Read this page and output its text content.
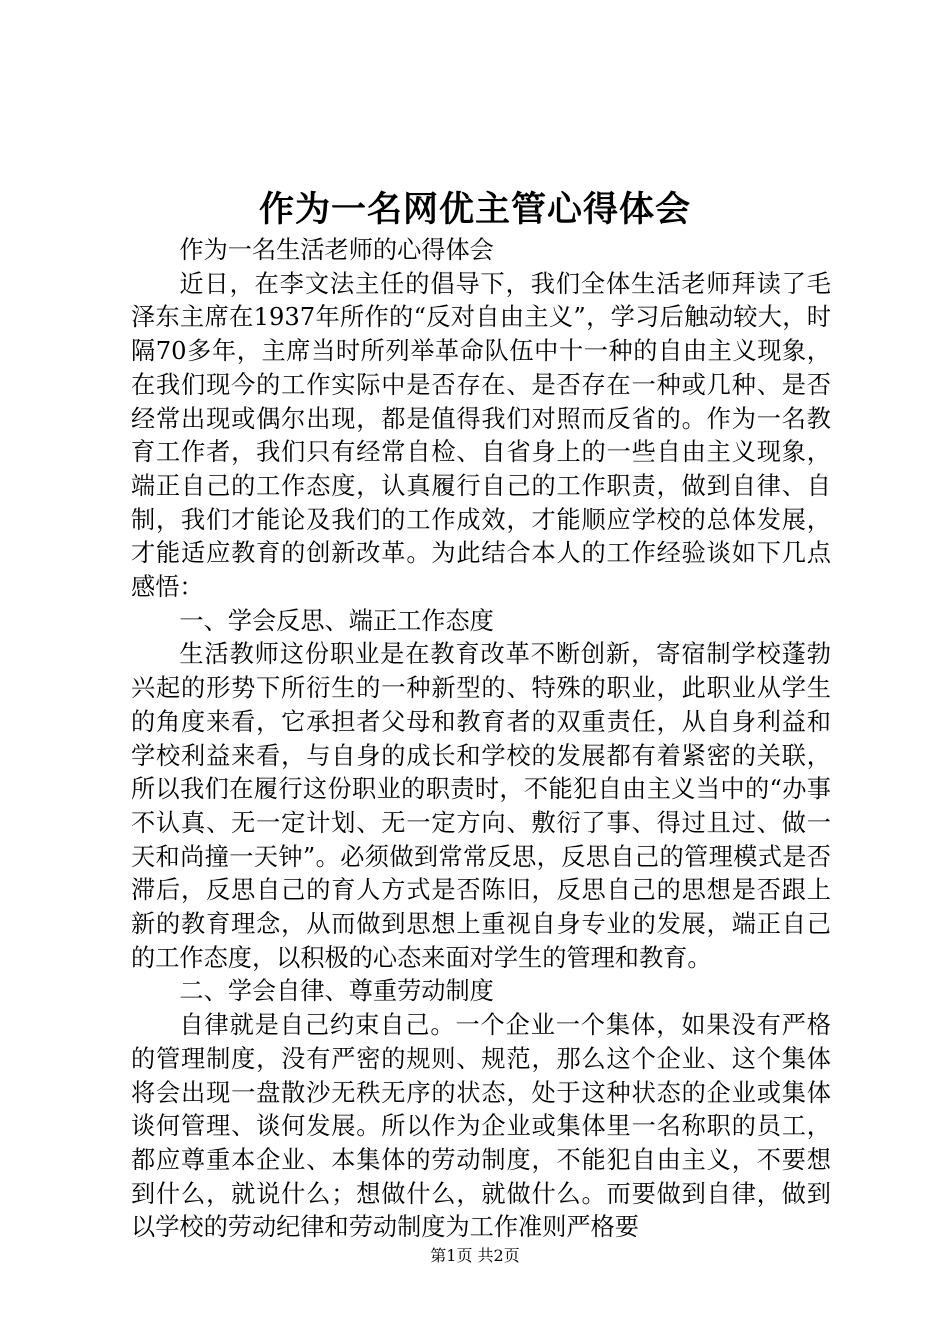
作为一名网优主管心得体会

作为一名生活老师的心得体会

近日，在李文法主任的倡导下，我们全体生活老师拜读了毛泽东主席在1937年所作的“反对自由主义”，学习后触动较大，时隔70多年，主席当时所列举革命队伍中十一种的自由主义现象，在我们现今的工作实际中是否存在、是否存在一种或几种、是否经常出现或偶尔出现，都是值得我们对照而反省的。作为一名教育工作者，我们只有经常自检、自省身上的一些自由主义现象，端正自己的工作态度，认真履行自己的工作职责，做到自律、自制，我们才能论及我们的工作成效，才能顺应学校的总体发展，才能适应教育的创新改革。为此结合本人的工作经验谈如下几点感悟：

一、学会反思、端正工作态度

生活教师这份职业是在教育改革不断创新，寄宿制学校蓬勃兴起的形势下所衍生的一种新型的、特殊的职业，此职业从学生的角度来看，它承担者父母和教育者的双重责任，从自身利益和学校利益来看，与自身的成长和学校的发展都有着紧密的关联，所以我们在履行这份职业的职责时，不能犯自由主义当中的“办事不认真、无一定计划、无一定方向、敷衍了事、得过且过、做一天和尚撞一天钟”。必须做到常常反思，反思自己的管理模式是否滞后，反思自己的育人方式是否陈旧，反思自己的思想是否跟上新的教育理念，从而做到思想上重视自身专业的发展，端正自己的工作态度，以积极的心态来面对学生的管理和教育。

二、学会自律、尊重劳动制度

自律就是自己约束自己。一个企业一个集体，如果没有严格的管理制度，没有严密的规则、规范，那么这个企业、这个集体将会出现一盘散沙无秩无序的状态，处于这种状态的企业或集体谈何管理、谈何发展。所以作为企业或集体里一名称职的员工，都应尊重本企业、本集体的劳动制度，不能犯自由主义，不要想到什么，就说什么；想做什么，就做什么。而要做到自律，做到以学校的劳动纪律和劳动制度为工作准则严格要

第1页 共2页
